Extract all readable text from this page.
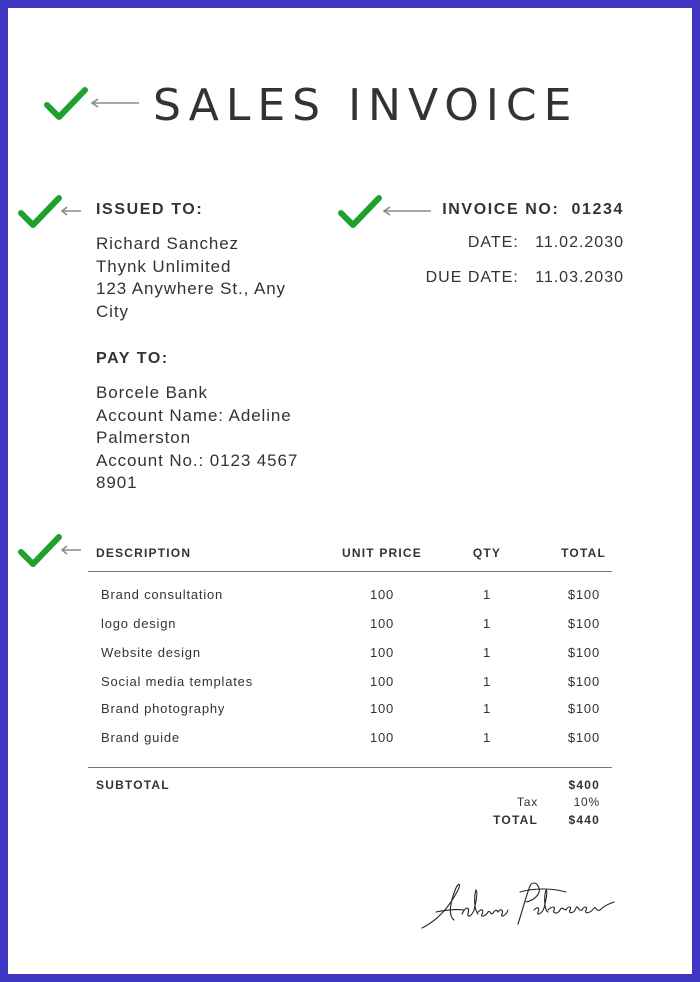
SALES INVOICE
ISSUED TO:
Richard Sanchez
Thynk Unlimited
123 Anywhere St., Any
City
INVOICE NO: 01234
DATE: 11.02.2030
DUE DATE: 11.03.2030
PAY TO:
Borcele Bank
Account Name: Adeline
Palmerston
Account No.: 0123 4567
8901
DESCRIPTION	UNIT PRICE	QTY	TOTAL
Brand consultation	100	1	$100
logo design	100	1	$100
Website design	100	1	$100
Social media templates	100	1	$100
Brand photography	100	1	$100
Brand guide	100	1	$100
SUBTOTAL	$400
Tax	10%
TOTAL	$440
